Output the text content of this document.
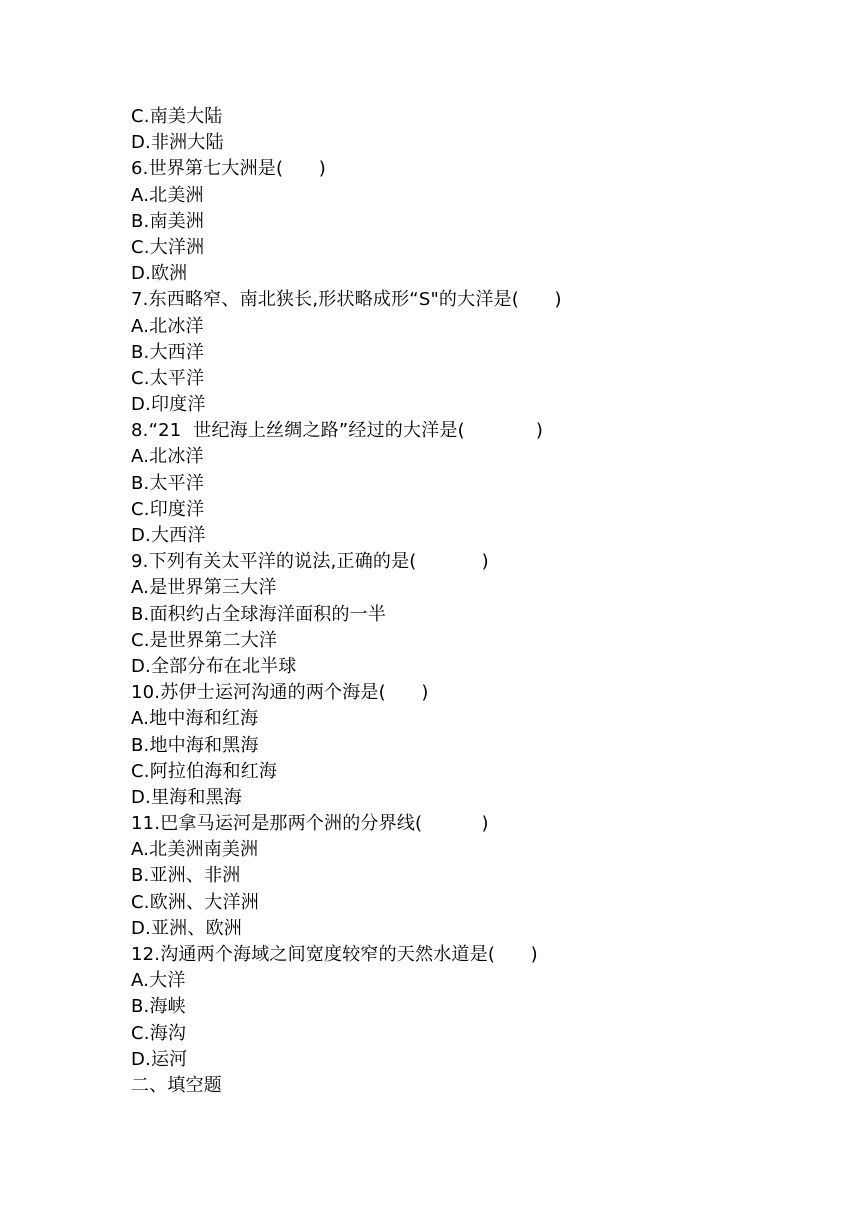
C.南美大陆
D.非洲大陆
6.世界第七大洲是(      )
A.北美洲
B.南美洲
C.大洋洲
D.欧洲
7.东西略窄、南北狭长,形状略成形“S"的大洋是(      )
A.北冰洋
B.大西洋
C.太平洋
D.印度洋
8.“21  世纪海上丝绸之路”经过的大洋是(            )
A.北冰洋
B.太平洋
C.印度洋
D.大西洋
9.下列有关太平洋的说法,正确的是(           )
A.是世界第三大洋
B.面积约占全球海洋面积的一半
C.是世界第二大洋
D.全部分布在北半球
10.苏伊士运河沟通的两个海是(      )
A.地中海和红海
B.地中海和黑海
C.阿拉伯海和红海
D.里海和黑海
11.巴拿马运河是那两个洲的分界线(          )
A.北美洲南美洲
B.亚洲、非洲
C.欧洲、大洋洲
D.亚洲、欧洲
12.沟通两个海域之间宽度较窄的天然水道是(      )
A.大洋
B.海峡
C.海沟
D.运河
二、填空题
